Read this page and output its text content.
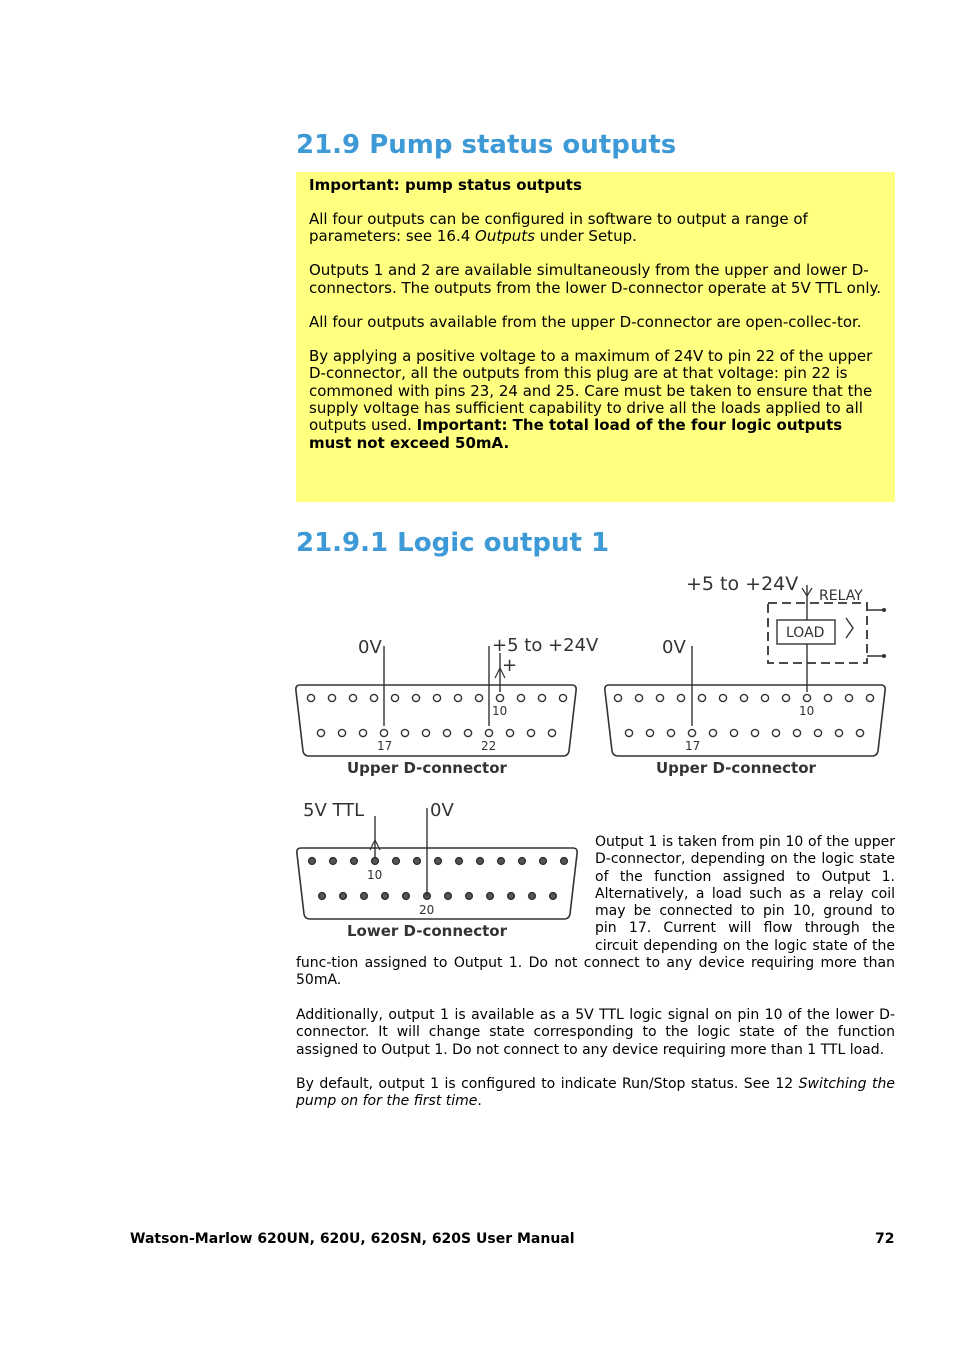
21.9 Pump status outputs

Important: pump status outputs

All four outputs can be configured in software to output a range of parameters: see 16.4 Outputs under Setup.

Outputs 1 and 2 are available simultaneously from the upper and lower D-connectors. The outputs from the lower D-connector operate at 5V TTL only.

All four outputs available from the upper D-connector are open-collec-tor.

By applying a positive voltage to a maximum of 24V to pin 22 of the upper D-connector, all the outputs from this plug are at that voltage: pin 22 is commoned with pins 23, 24 and 25. Care must be taken to ensure that the supply voltage has sufficient capability to drive all the loads applied to all outputs used. Important: The total load of the four logic outputs must not exceed 50mA.

21.9.1 Logic output 1
0V	+5 to +24V
+
10
17	22
Upper D-connector
+5 to +24V
RELAY
LOAD
0V
10
17
Upper D-connector
5V TTL	0V
10
20
Lower D-connector

Output 1 is taken from pin 10 of the upper D-connector, depending on the logic state of the function assigned to Output 1. Alternatively, a load such as a relay coil may be connected to pin 10, ground to pin 17. Current will flow through the circuit depending on the logic state of the func-tion assigned to Output 1. Do not connect to any device requiring more than 50mA.

Additionally, output 1 is available as a 5V TTL logic signal on pin 10 of the lower D-connector. It will change state corresponding to the logic state of the function assigned to Output 1. Do not connect to any device requiring more than 1 TTL load.

By default, output 1 is configured to indicate Run/Stop status. See 12 Switching the pump on for the first time.

Watson-Marlow 620UN, 620U, 620SN, 620S User Manual	72
